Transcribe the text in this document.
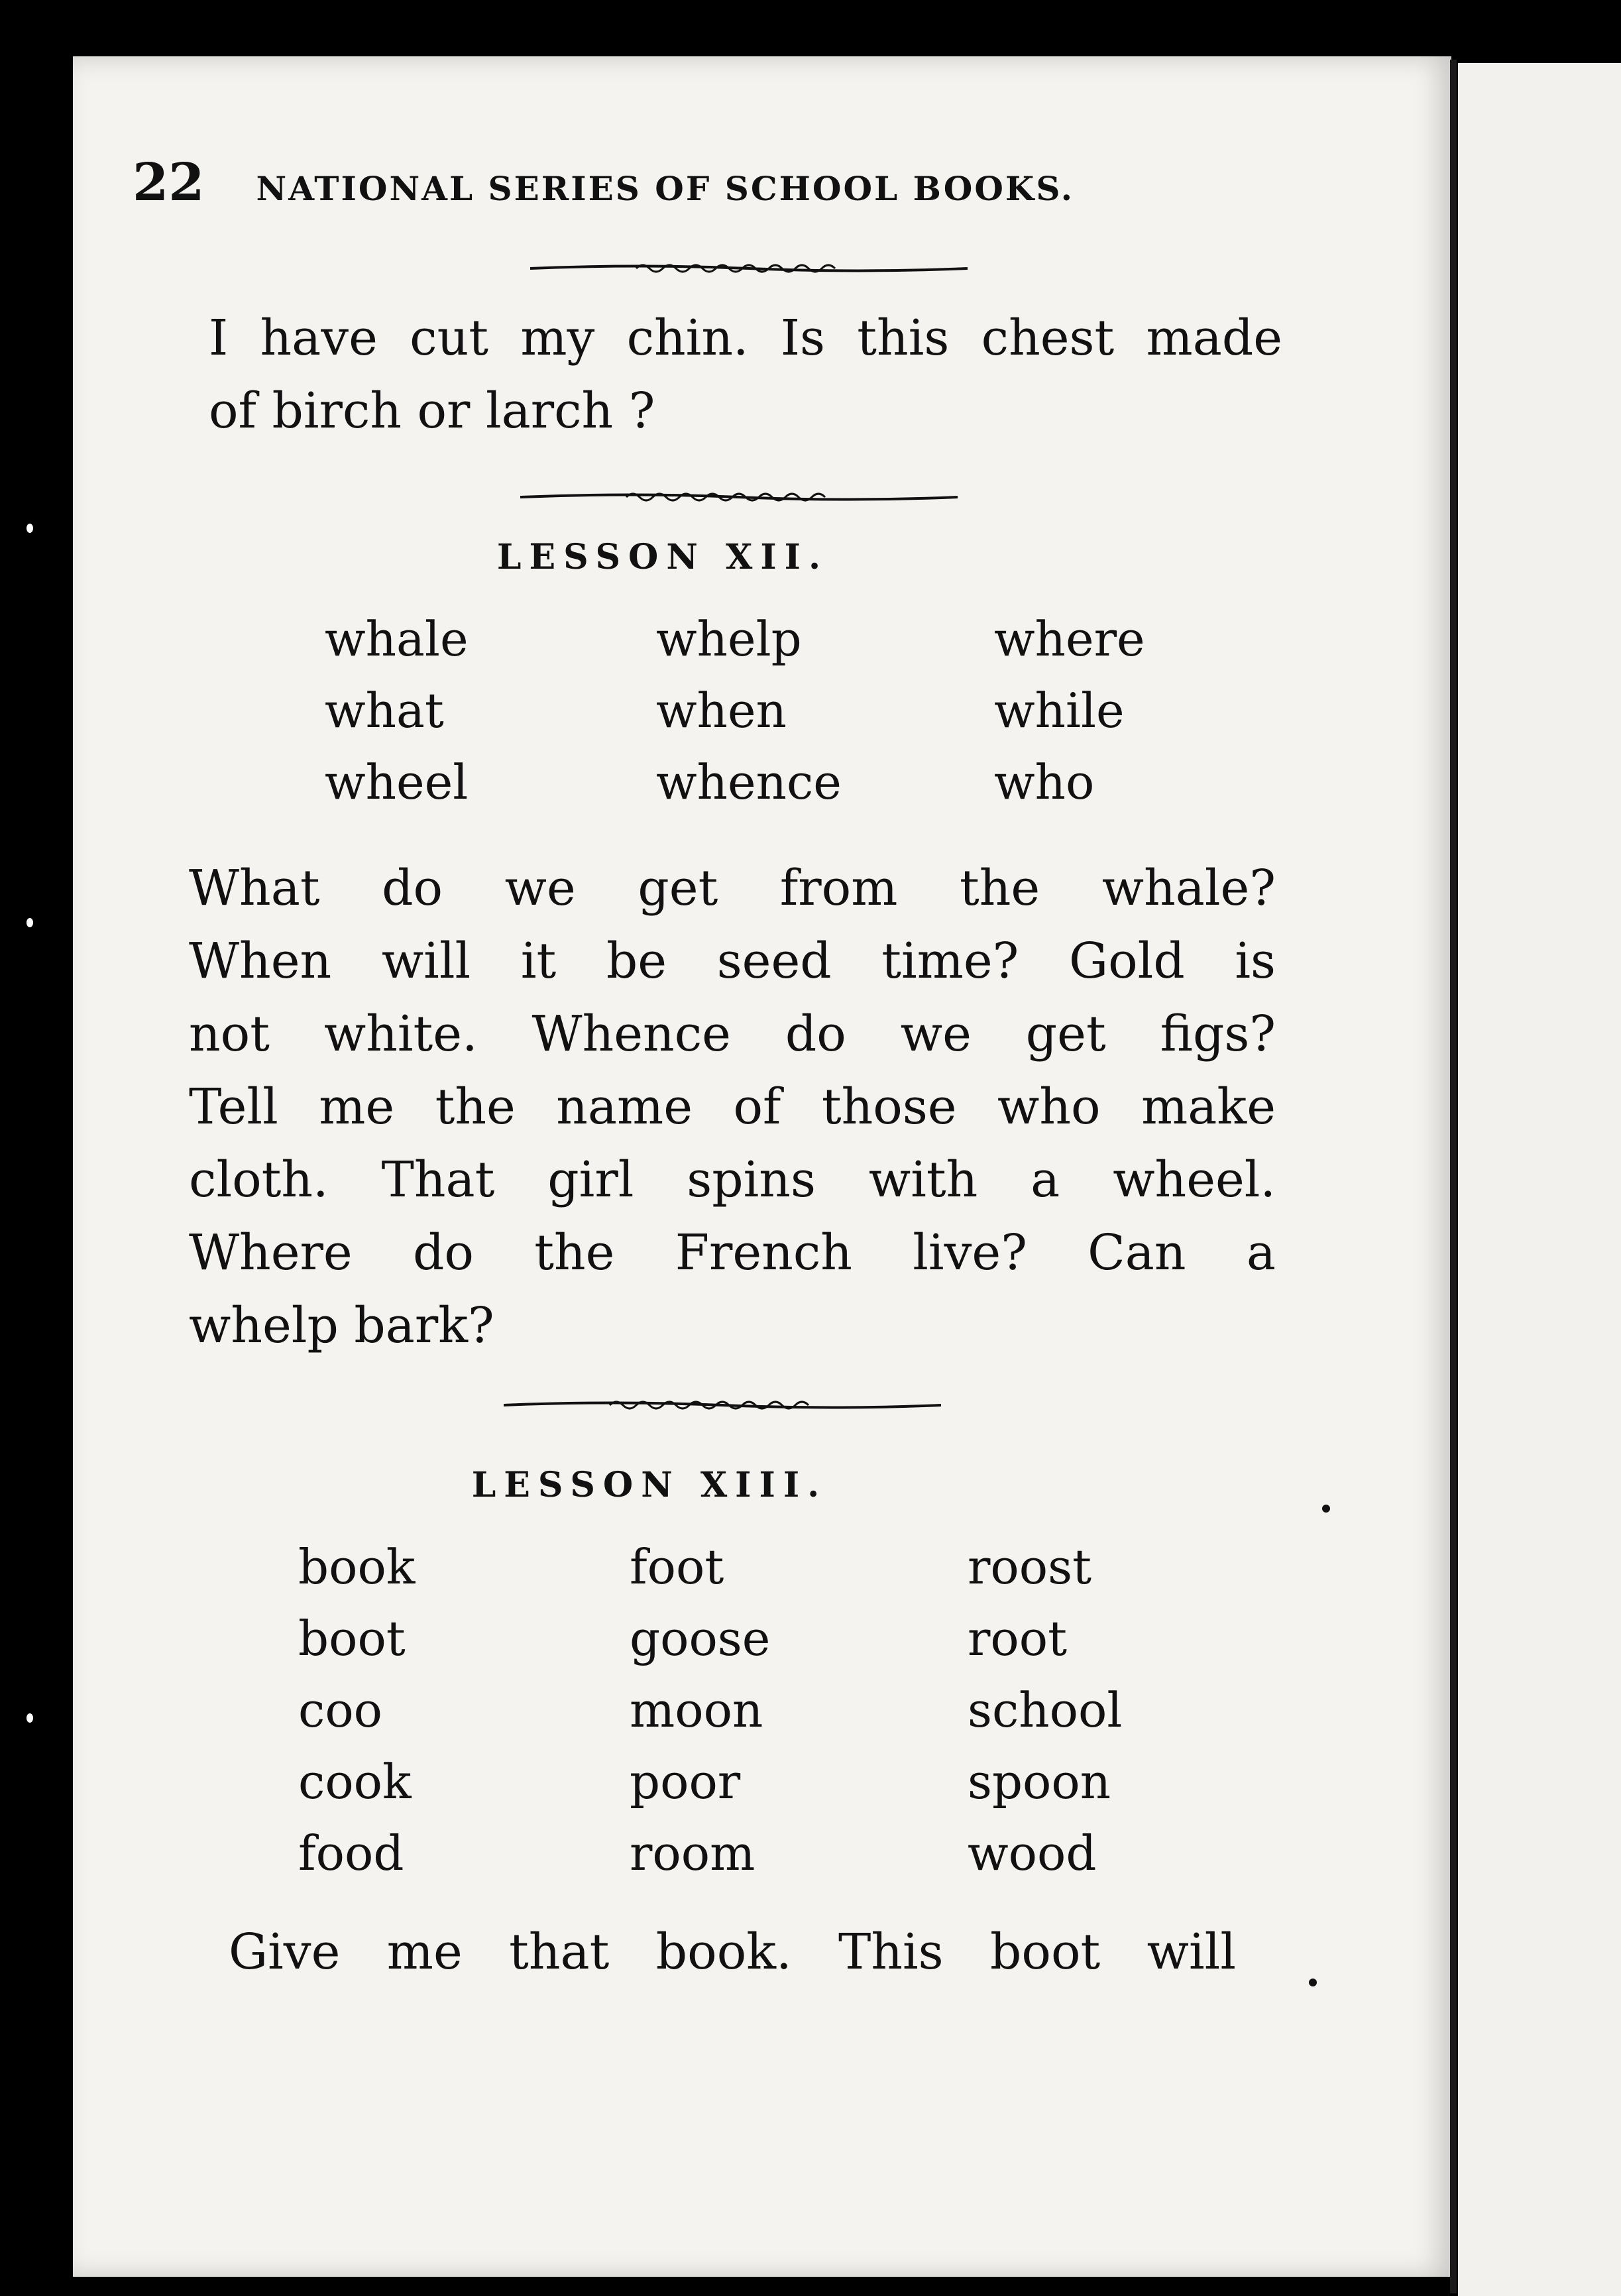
22 NATIONAL SERIES OF SCHOOL BOOKS.
I have cut my chin. Is this chest made
of birch or larch ?
LESSON XII.
whale	whelp	where
what	when	while
wheel	whence	who
What do we get from the whale?
When will it be seed time? Gold is
not white. Whence do we get figs?
Tell me the name of those who make
cloth. That girl spins with a wheel.
Where do the French live? Can a
whelp bark?
LESSON XIII.
book	foot	roost
boot	goose	root
coo	moon	school
cook	poor	spoon
food	room	wood
Give me that book. This boot will
